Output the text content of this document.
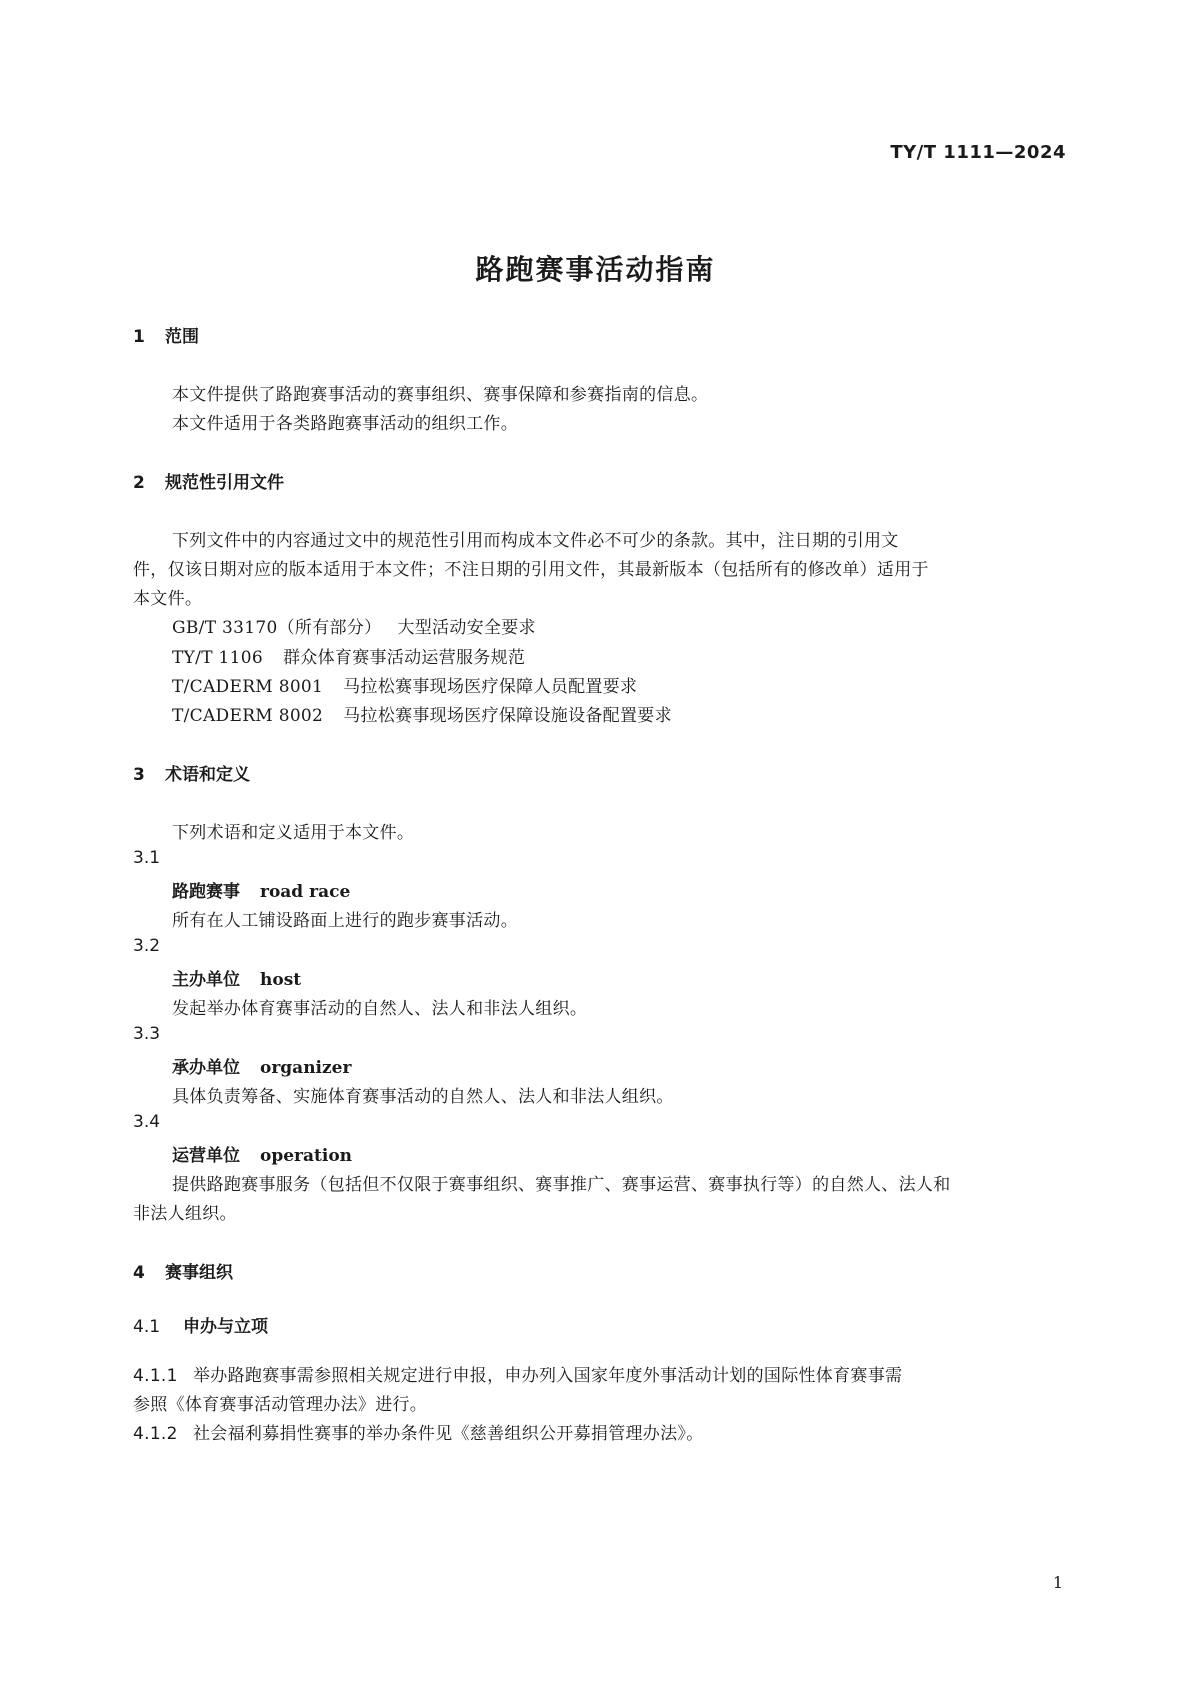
TY/T 1111—2024
路跑赛事活动指南
1 范围
本文件提供了路跑赛事活动的赛事组织、赛事保障和参赛指南的信息。
本文件适用于各类路跑赛事活动的组织工作。
2 规范性引用文件
下列文件中的内容通过文中的规范性引用而构成本文件必不可少的条款。其中，注日期的引用文
件，仅该日期对应的版本适用于本文件；不注日期的引用文件，其最新版本（包括所有的修改单）适用于
本文件。
GB/T 33170（所有部分） 大型活动安全要求
TY/T 1106 群众体育赛事活动运营服务规范
T/CADERM 8001 马拉松赛事现场医疗保障人员配置要求
T/CADERM 8002 马拉松赛事现场医疗保障设施设备配置要求
3 术语和定义
下列术语和定义适用于本文件。
3.1
路跑赛事 road race
所有在人工铺设路面上进行的跑步赛事活动。
3.2
主办单位 host
发起举办体育赛事活动的自然人、法人和非法人组织。
3.3
承办单位 organizer
具体负责筹备、实施体育赛事活动的自然人、法人和非法人组织。
3.4
运营单位 operation
提供路跑赛事服务（包括但不仅限于赛事组织、赛事推广、赛事运营、赛事执行等）的自然人、法人和
非法人组织。
4 赛事组织
4.1 申办与立项
4.1.1 举办路跑赛事需参照相关规定进行申报，申办列入国家年度外事活动计划的国际性体育赛事需
参照《体育赛事活动管理办法》进行。
4.1.2 社会福利募捐性赛事的举办条件见《慈善组织公开募捐管理办法》。
1
